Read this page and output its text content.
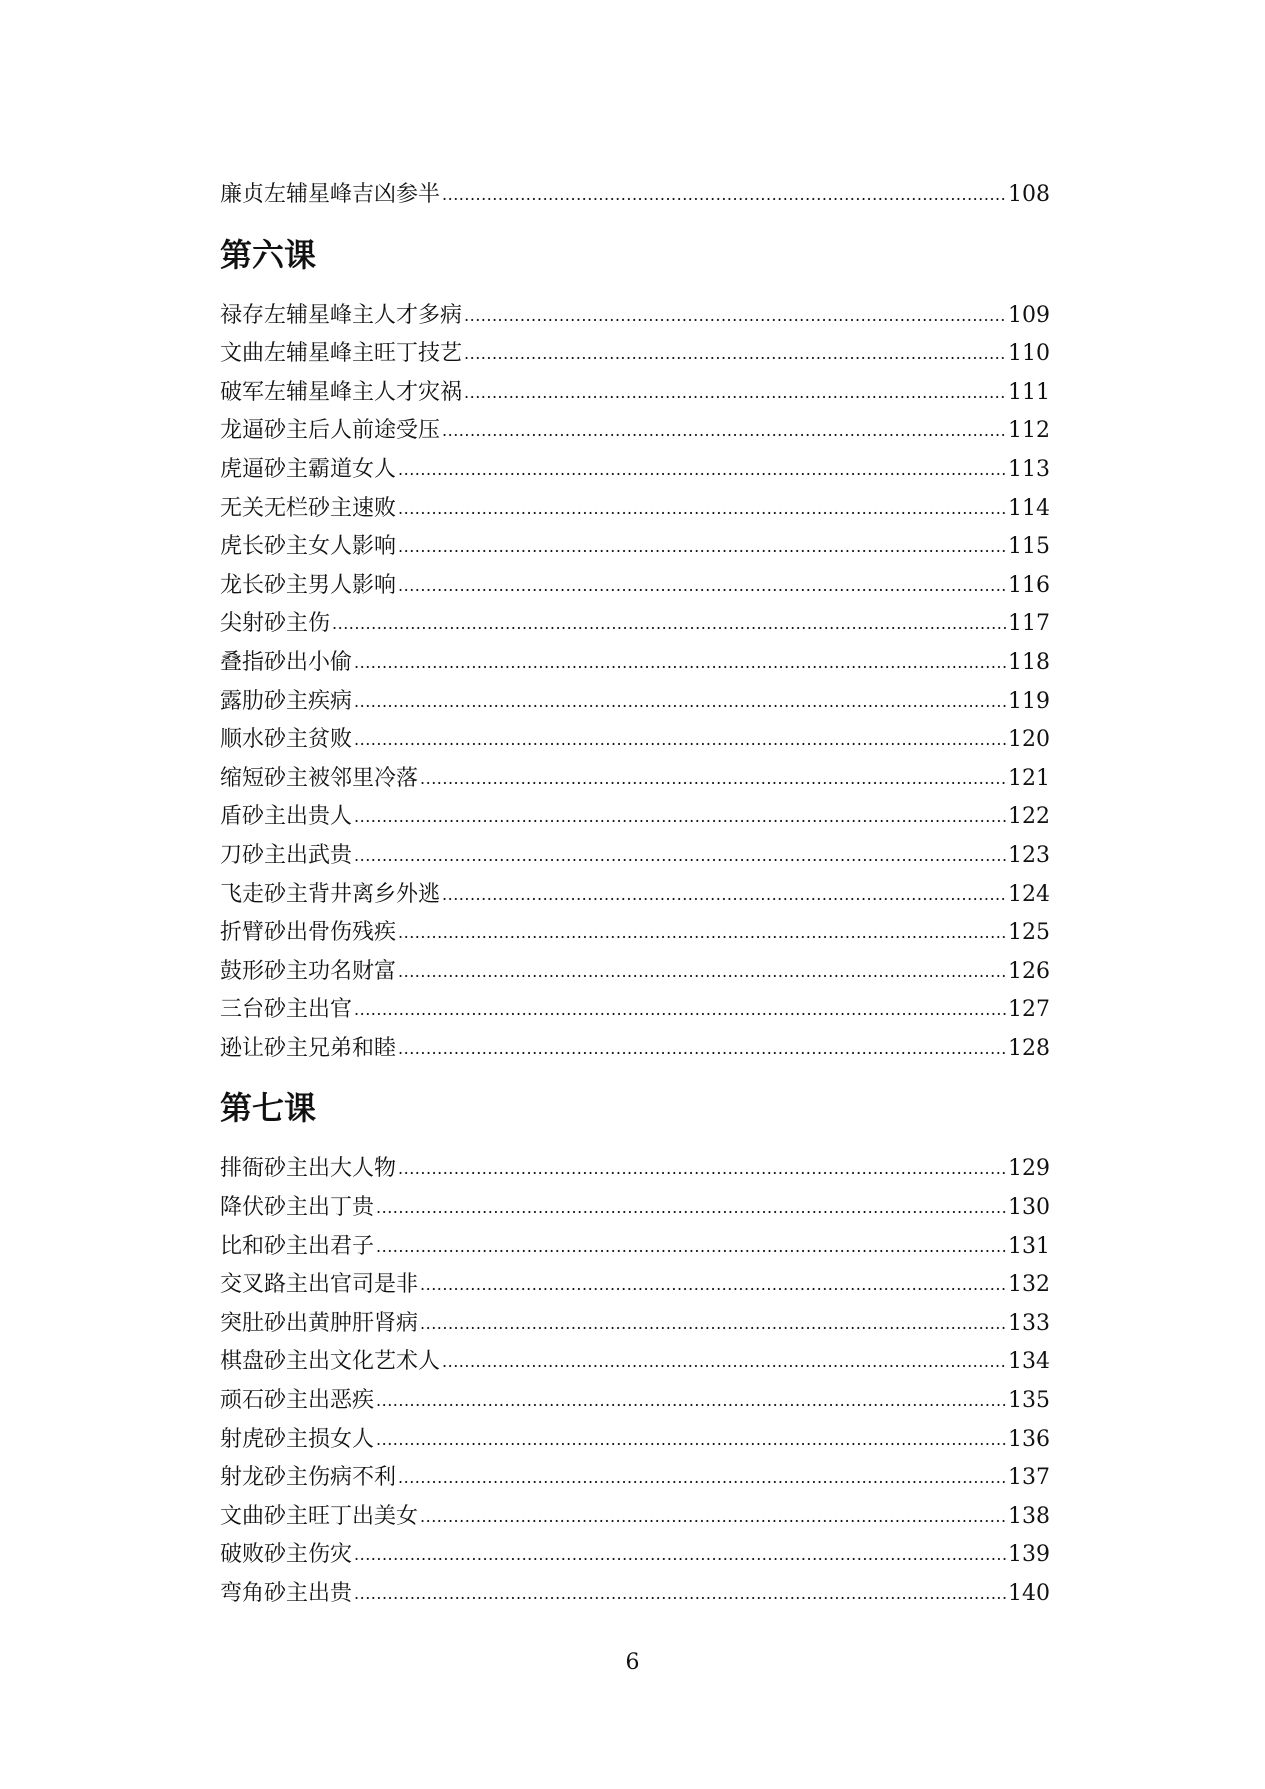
廉贞左辅星峰吉凶参半 .....	108
第六课
禄存左辅星峰主人才多病 .....	109
文曲左辅星峰主旺丁技艺 .....	110
破军左辅星峰主人才灾祸 .....	111
龙逼砂主后人前途受压 .....	112
虎逼砂主霸道女人 .....	113
无关无栏砂主速败 .....	114
虎长砂主女人影响 .....	115
龙长砂主男人影响 .....	116
尖射砂主伤 .....	117
叠指砂出小偷 .....	118
露肋砂主疾病 .....	119
顺水砂主贫败 .....	120
缩短砂主被邻里冷落 .....	121
盾砂主出贵人 .....	122
刀砂主出武贵 .....	123
飞走砂主背井离乡外逃 .....	124
折臂砂出骨伤残疾 .....	125
鼓形砂主功名财富 .....	126
三台砂主出官 .....	127
逊让砂主兄弟和睦 .....	128
第七课
排衙砂主出大人物 .....	129
降伏砂主出丁贵 .....	130
比和砂主出君子 .....	131
交叉路主出官司是非 .....	132
突肚砂出黄肿肝肾病 .....	133
棋盘砂主出文化艺术人 .....	134
顽石砂主出恶疾 .....	135
射虎砂主损女人 .....	136
射龙砂主伤病不利 .....	137
文曲砂主旺丁出美女 .....	138
破败砂主伤灾 .....	139
弯角砂主出贵 .....	140
6
